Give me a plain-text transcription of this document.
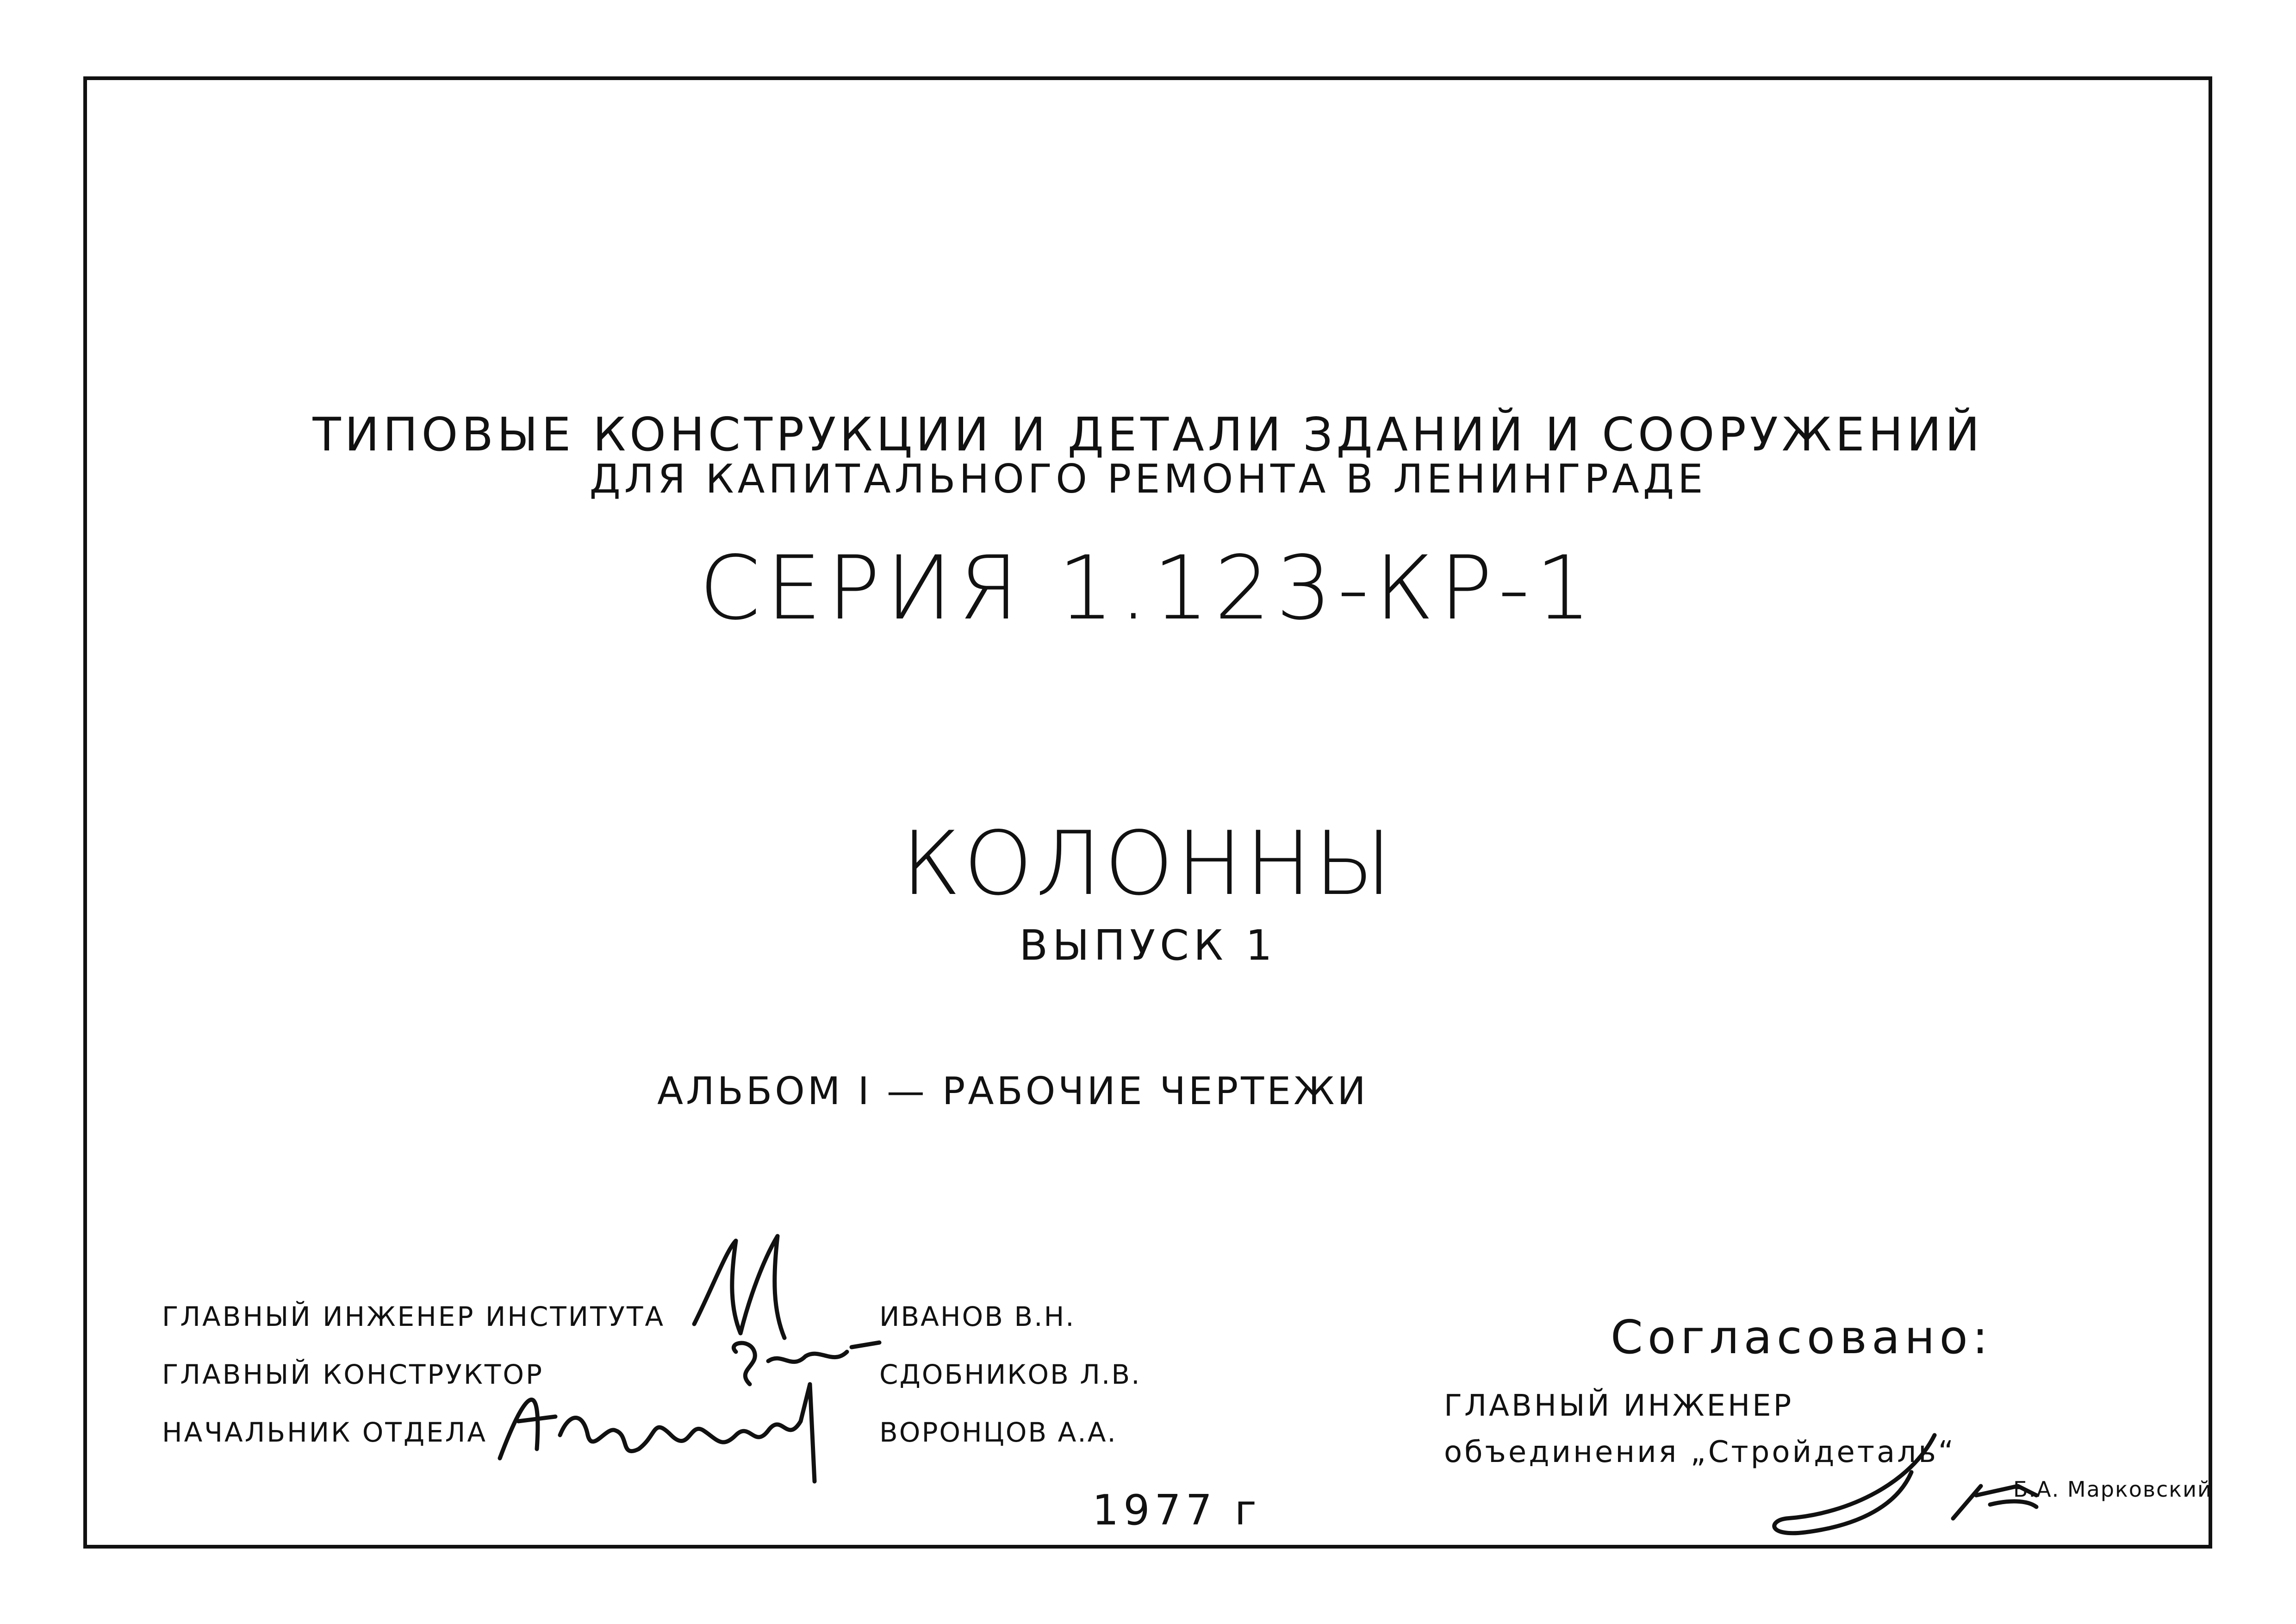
ТИПОВЫЕ КОНСТРУКЦИИ И ДЕТАЛИ ЗДАНИЙ И СООРУЖЕНИЙ
ДЛЯ КАПИТАЛЬНОГО РЕМОНТА В ЛЕНИНГРАДЕ
СЕРИЯ 1.123-КР-1
КОЛОННЫ
ВЫПУСК 1
АЛЬБОМ I — РАБОЧИЕ ЧЕРТЕЖИ
ГЛАВНЫЙ ИНЖЕНЕР ИНСТИТУТА
ГЛАВНЫЙ КОНСТРУКТОР
НАЧАЛЬНИК ОТДЕЛА
ИВАНОВ В.Н.
СДОБНИКОВ Л.В.
ВОРОНЦОВ А.А.
Согласовано:
ГЛАВНЫЙ ИНЖЕНЕР
объединения „Стройдеталь“
Б.А. Марковский
1977 г
